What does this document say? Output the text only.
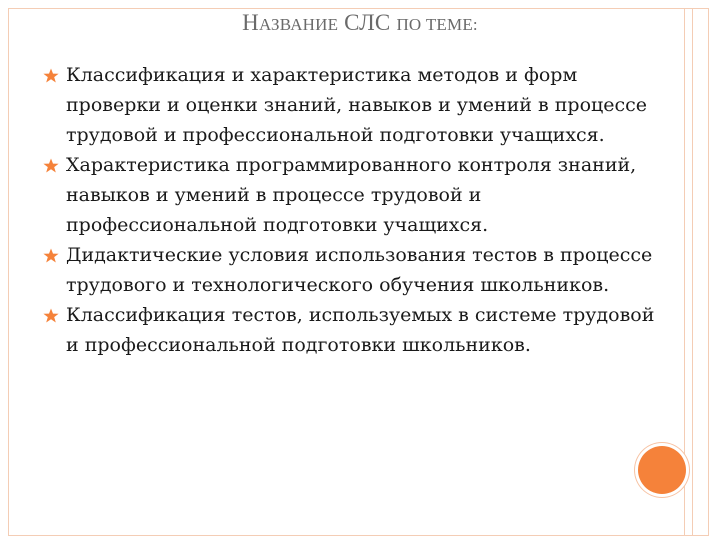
НАЗВАНИЕ СЛС ПО ТЕМЕ:
Классификация и характеристика методов и форм проверки и оценки знаний, навыков и умений в процессе трудовой и профессиональной подготовки учащихся.
Характеристика программированного контроля знаний, навыков и умений в процессе трудовой и профессиональной подготовки учащихся.
Дидактические условия использования тестов в процессе трудового и технологического обучения школьников.
Классификация тестов, используемых в системе трудовой и профессиональной подготовки школьников.
